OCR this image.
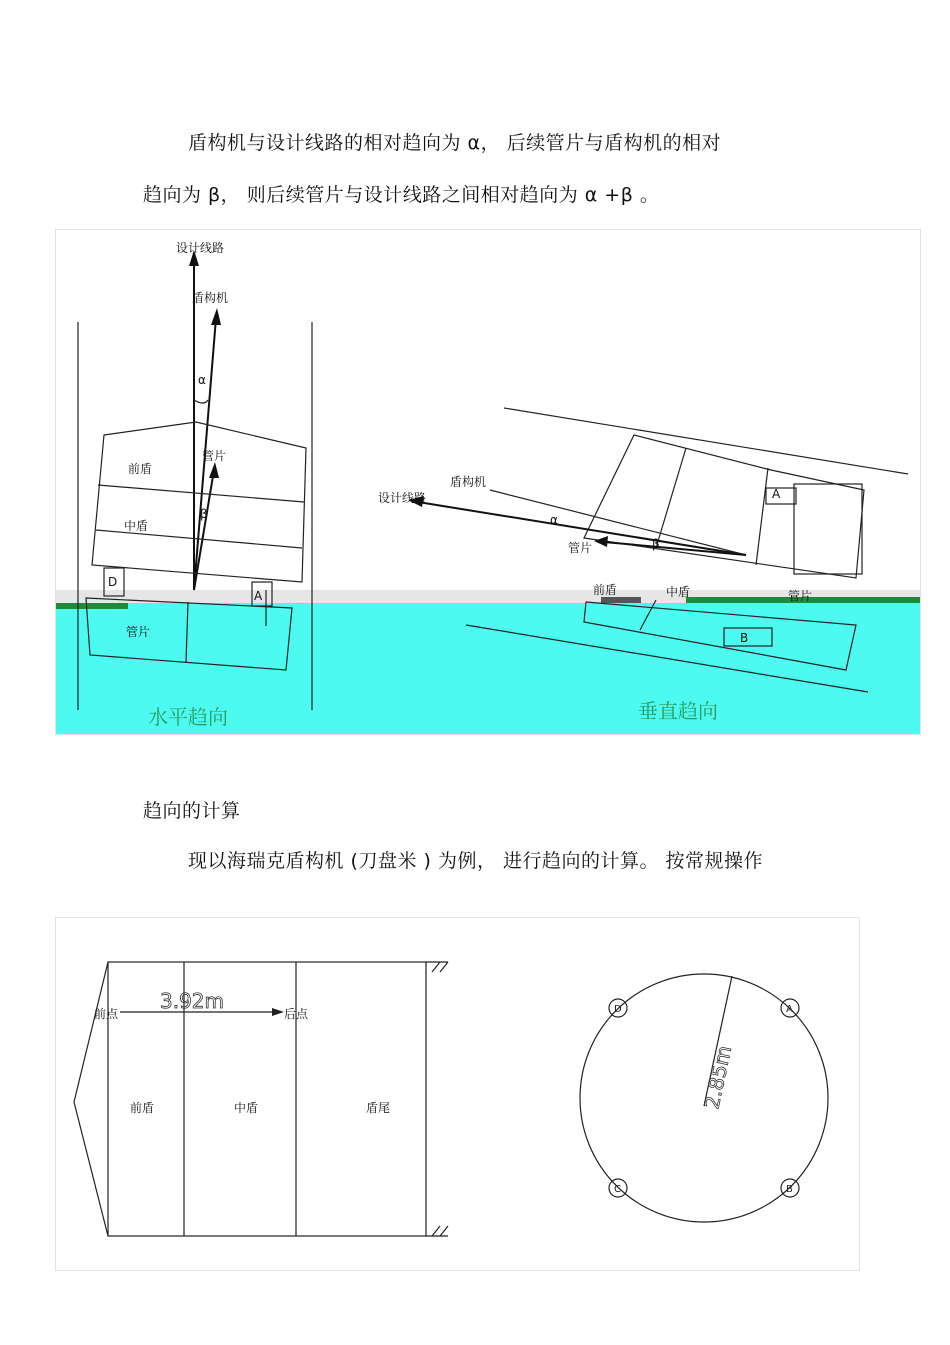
盾构机与设计线路的相对趋向为 α， 后续管片与盾构机的相对
趋向为 β， 则后续管片与设计线路之间相对趋向为 α +β 。
设计线路
盾构机
α
管片
β
前盾
中盾
D
A
管片
水平趋向
盾构机
设计线路
α
β
管片
A
前盾	中盾	管片
B
垂直趋向
趋向的计算
现以海瑞克盾构机 (刀盘米 ) 为例， 进行趋向的计算。 按常规操作
前点
3.92m
后点
前盾	中盾	盾尾	2.85m
D	A
C	B
